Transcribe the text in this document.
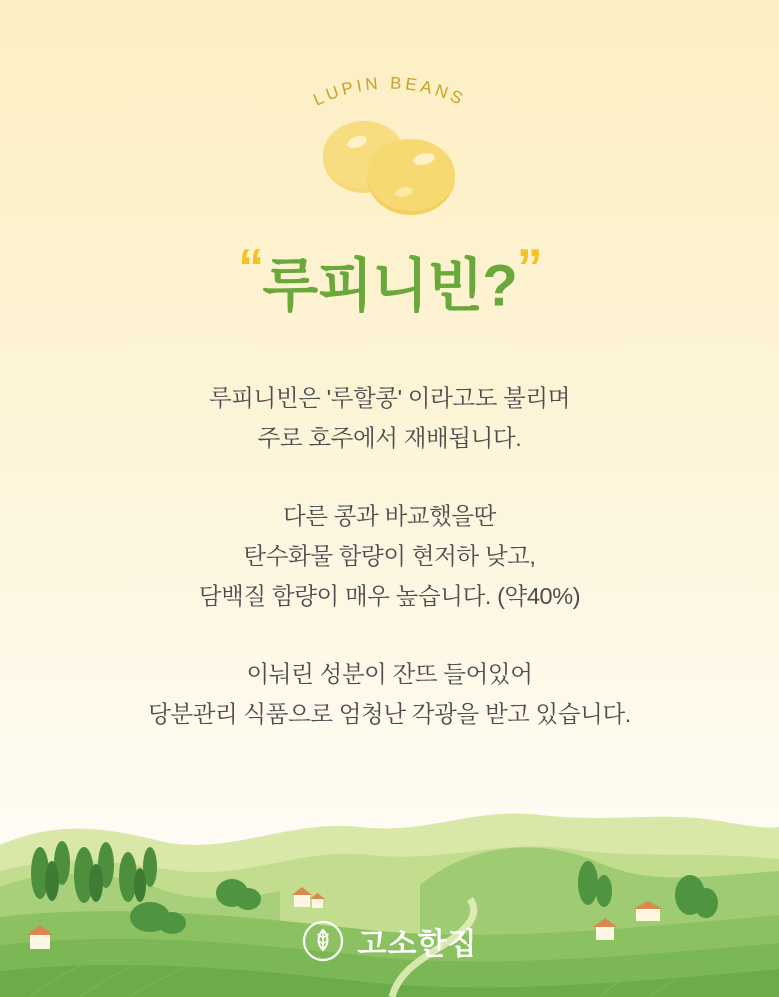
LUPIN BEANS
“루피니빈?”
루피니빈은 '루할콩' 이라고도 불리며
주로 호주에서 재배됩니다.
다른 콩과 바교했을딴
탄수화물 함량이 현저하 낮고,
담백질 함량이 매우 높습니다. (약40%)
이눠린 성분이 잔뜨 들어있어
당분관리 식품으로 엄청난 각광을 받고 있습니다.
고소한집
